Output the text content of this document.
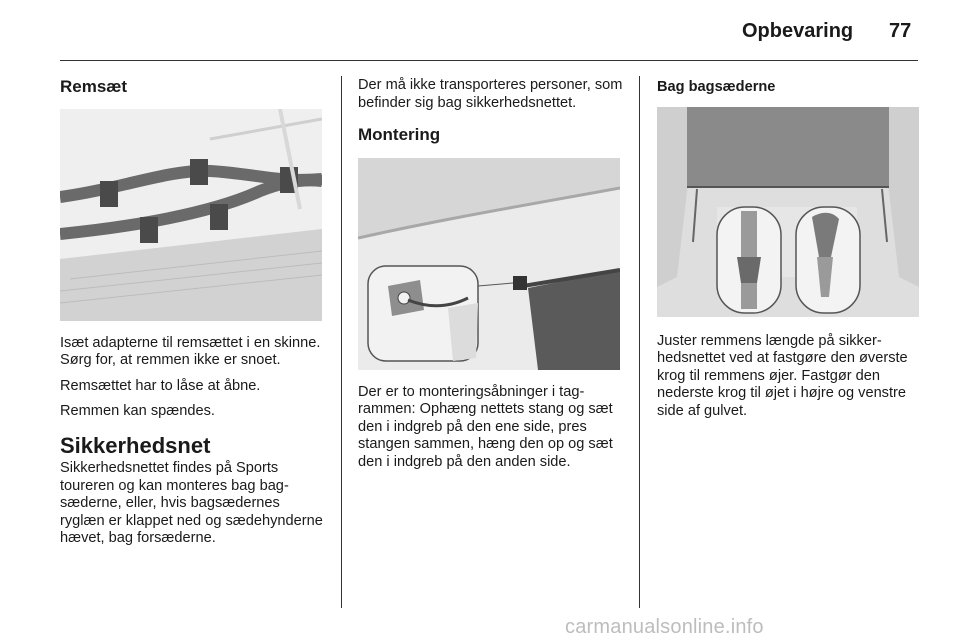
Opbevaring 77
Remsæt

Isæt adapterne til remsættet i en skinne. Sørg for, at remmen ikke er snoet.

Remsættet har to låse at åbne.

Remmen kan spændes.

Sikkerhedsnet

Sikkerhedsnettet findes på Sports toureren og kan monteres bag bagsæderne, eller, hvis bagsædernes ryglæn er klappet ned og sædehynderne hævet, bag forsæderne.

Der må ikke transporteres personer, som befinder sig bag sikkerhedsnettet.

Montering

Der er to monteringsåbninger i tagrammen: Ophæng nettets stang og sæt den i indgreb på den ene side, pres stangen sammen, hæng den op og sæt den i indgreb på den anden side.

Bag bagsæderne

Juster remmens længde på sikkerhedsnettet ved at fastgøre den øverste krog til remmens øjer. Fastgør den nederste krog til øjet i højre og venstre side af gulvet.

carmanualsonline.info
